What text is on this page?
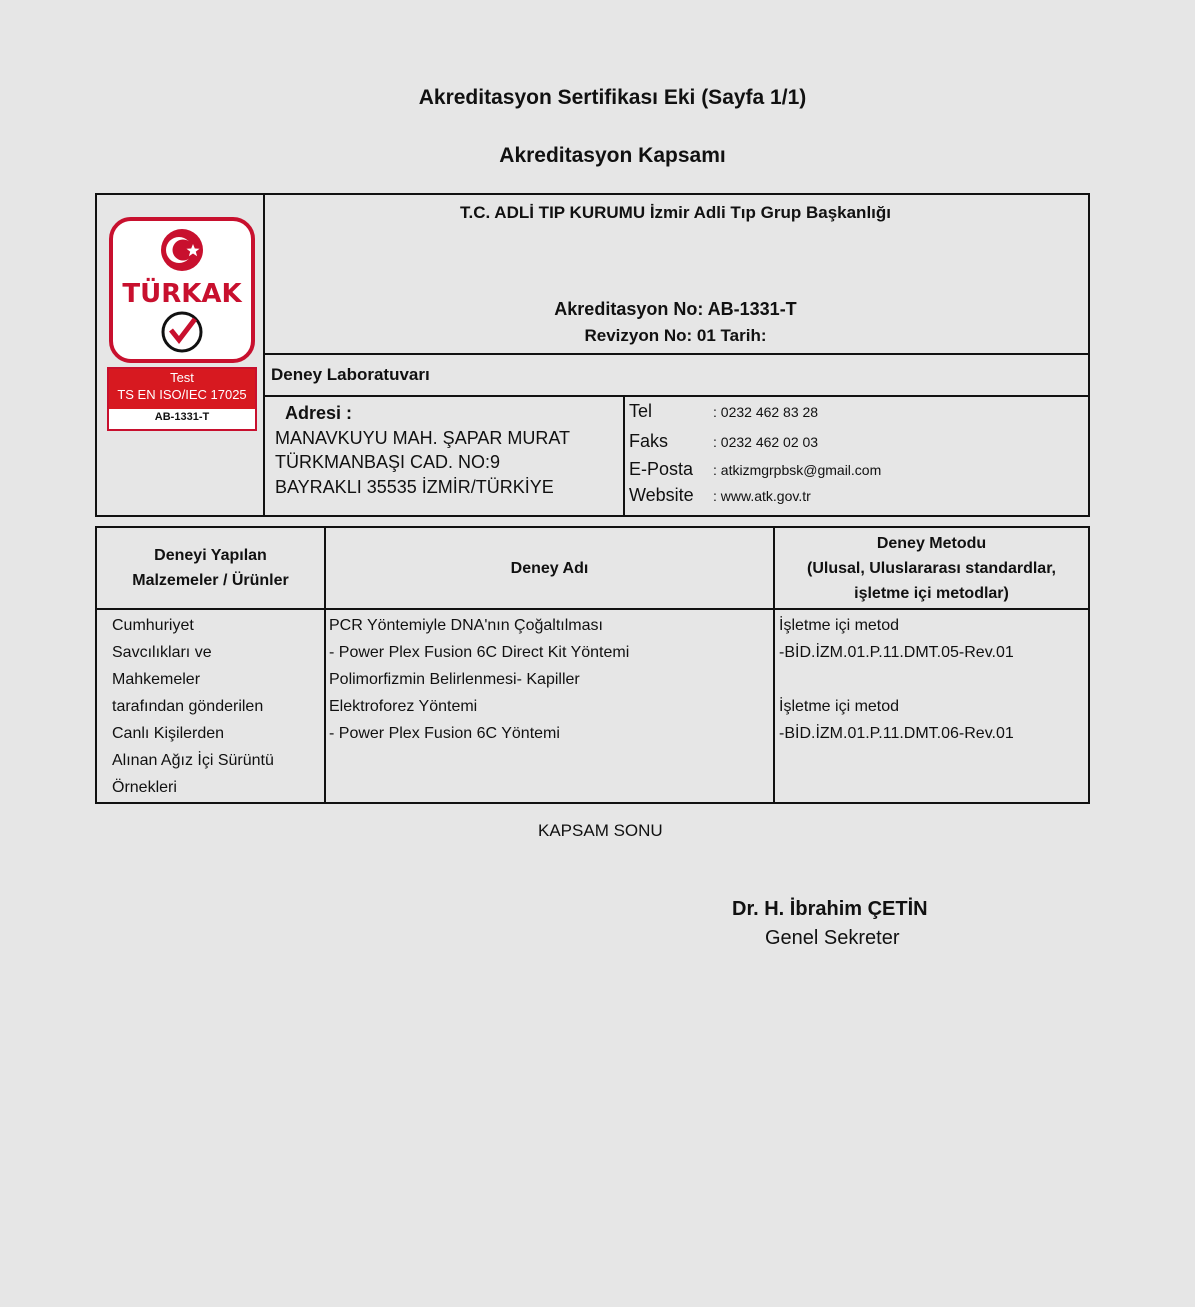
Akreditasyon Sertifikası Eki (Sayfa 1/1)
Akreditasyon Kapsamı
TÜRKAK
Test
TS EN ISO/IEC 17025
AB-1331-T
T.C. ADLİ TIP KURUMU İzmir Adli Tıp Grup Başkanlığı
Akreditasyon No: AB-1331-T
Revizyon No: 01 Tarih:
Deney Laboratuvarı
Adresi :
MANAVKUYU MAH. ŞAPAR MURAT
TÜRKMANBAŞI CAD. NO:9
BAYRAKLI 35535 İZMİR/TÜRKİYE
Tel	: 0232 462 83 28
Faks	: 0232 462 02 03
E-Posta : atkizmgrpbsk@gmail.com
Website : www.atk.gov.tr
Deneyi Yapılan
Malzemeler / Ürünler
Deney Adı
Deney Metodu
(Ulusal, Uluslararası standardlar,
işletme içi metodlar)
Cumhuriyet
Savcılıkları ve
Mahkemeler
tarafından gönderilen
Canlı Kişilerden
Alınan Ağız İçi Sürüntü
Örnekleri
PCR Yöntemiyle DNA'nın Çoğaltılması
- Power Plex Fusion 6C Direct Kit Yöntemi
Polimorfizmin Belirlenmesi- Kapiller
Elektroforez Yöntemi
- Power Plex Fusion 6C Yöntemi
İşletme içi metod
-BİD.İZM.01.P.11.DMT.05-Rev.01
İşletme içi metod
-BİD.İZM.01.P.11.DMT.06-Rev.01
KAPSAM SONU
Dr. H. İbrahim ÇETİN
Genel Sekreter
